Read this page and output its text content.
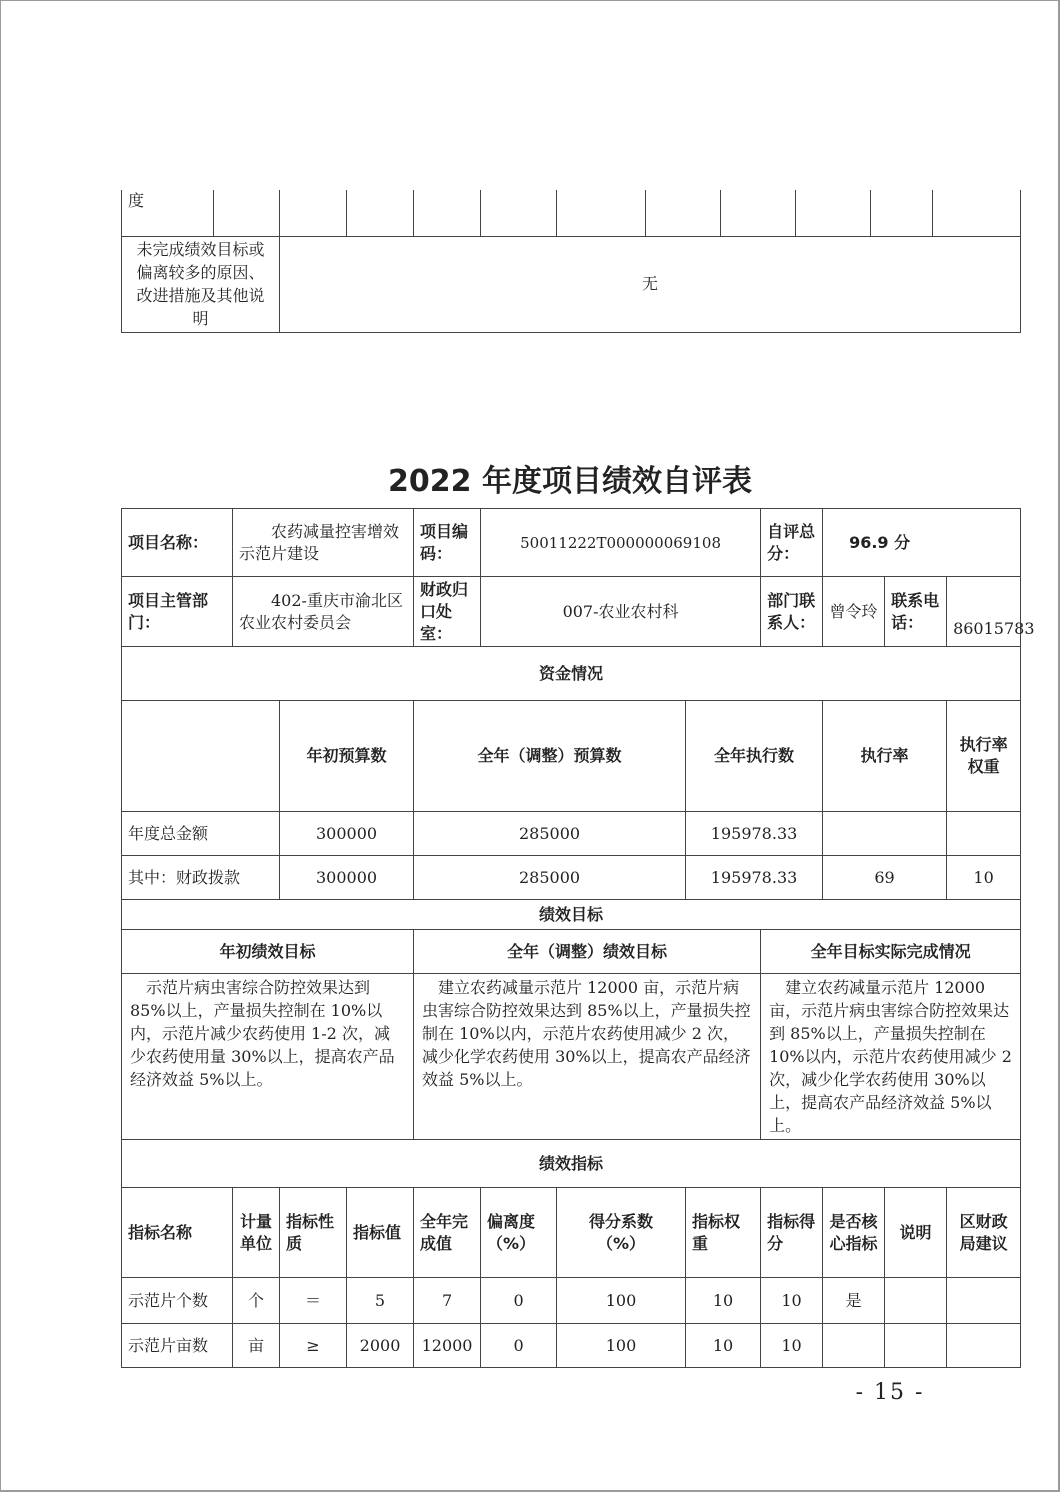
度											
未完成绩效目标或偏离较多的原因、改进措施及其他说明		无									
2022 年度项目绩效自评表
项目名称：	农药减量控害增效示范片建设			项目编码：	50011222T000000069108			自评总分：	96.9 分			
项目主管部门：	402-重庆市渝北区农业农村委员会			财政归口处室：	007-农业农村科			部门联系人：	曾令玲	联系电话：	86015783	
资金情况												
		年初预算数		全年（调整）预算数			全年执行数		执行率		执行率权重	
年度总金额		300000		285000			195978.33					
其中：财政拨款		300000		285000			195978.33		69		10	
绩效目标												
年初绩效目标				全年（调整）绩效目标				全年目标实际完成情况				
示范片病虫害综合防控效果达到85%以上，产量损失控制在 10%以内，示范片减少农药使用 1-2 次，减少农药使用量 30%以上，提高农产品经济效益 5%以上。				建立农药减量示范片 12000 亩，示范片病虫害综合防控效果达到 85%以上，产量损失控制在 10%以内，示范片农药使用减少 2 次，减少化学农药使用 30%以上，提高农产品经济效益 5%以上。				建立农药减量示范片 12000 亩，示范片病虫害综合防控效果达到 85%以上，产量损失控制在 10%以内，示范片农药使用减少 2 次，减少化学农药使用 30%以上，提高农产品经济效益 5%以上。				
绩效指标												
指标名称	计量单位	指标性质	指标值	全年完成值	偏离度（%）	得分系数（%）	指标权重	指标得分	是否核心指标	说明	区财政局建议	
示范片个数	个	＝	5	7	0	100	10	10	是			
示范片亩数	亩	≥	2000	12000	0	100	10	10				
- 15 -
